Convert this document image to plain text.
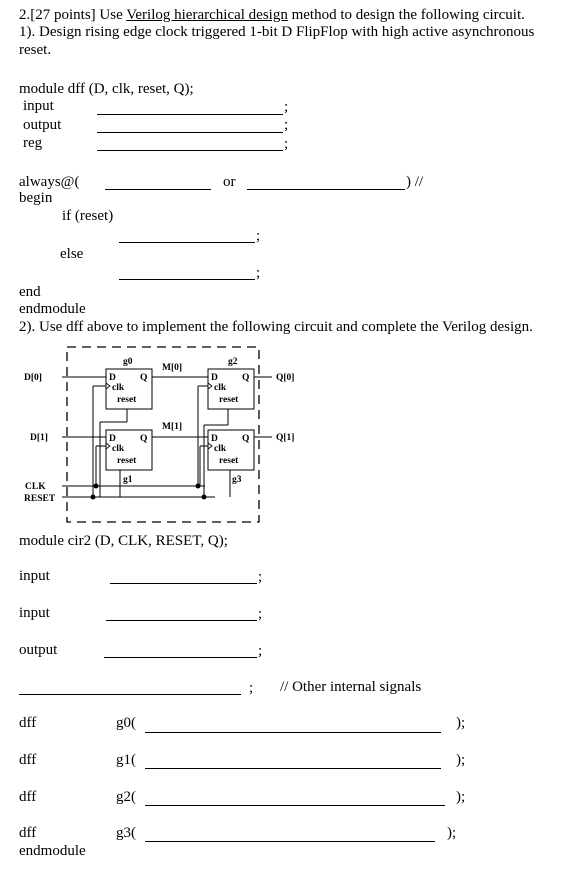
2.[27 points] Use Verilog hierarchical design method to design the following circuit.
1). Design rising edge clock triggered 1-bit D FlipFlop with high active asynchronous
reset.
module dff (D, clk, reset, Q);
input	;
output	;
reg	;
always@(	or	) //
begin
if (reset)
;
else
;
end
endmodule
2). Use dff above to implement the following circuit and complete the Verilog design.
D[0]
D[1]
CLK
RESET
Q[0]
Q[1]
M[0]
M[1]
g0
g1
g2
g3
D	Q
clk
reset
D	Q
clk
reset
D	Q
clk
reset
D	Q
clk
reset
module cir2 (D, CLK, RESET, Q);
input	;
input	;
output	;
; // Other internal signals
dff	g0(	);
dff	g1(	);
dff	g2(	);
dff	g3(	);
endmodule
